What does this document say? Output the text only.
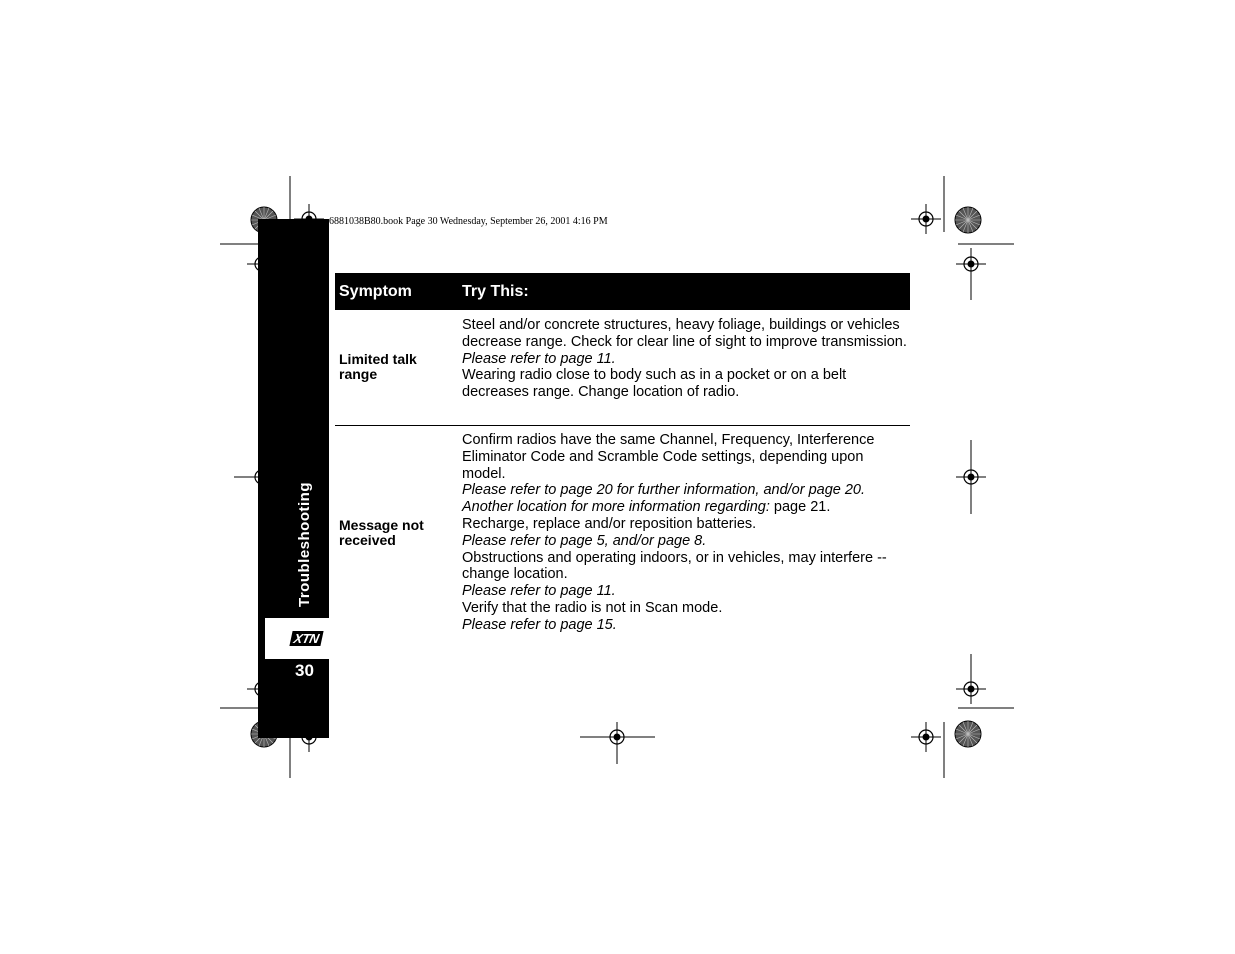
6881038B80.book Page 30 Wednesday, September 26, 2001 4:16 PM
Troubleshooting
XTN
30
Symptom	Try This:
Limited talk range

Steel and/or concrete structures, heavy foliage, buildings or vehicles decrease range. Check for clear line of sight to improve transmission.

Please refer to page 11.

Wearing radio close to body such as in a pocket or on a belt decreases range. Change location of radio.

Message not received

Confirm radios have the same Channel, Frequency, Interference Eliminator Code and Scramble Code settings, depending upon model.

Please refer to page 20 for further information, and/or page 20.

Another location for more information regarding: page 21.

Recharge, replace and/or reposition batteries.

Please refer to page 5, and/or page 8.

Obstructions and operating indoors, or in vehicles, may interfere -- change location.

Please refer to page 11.

Verify that the radio is not in Scan mode.

Please refer to page 15.
